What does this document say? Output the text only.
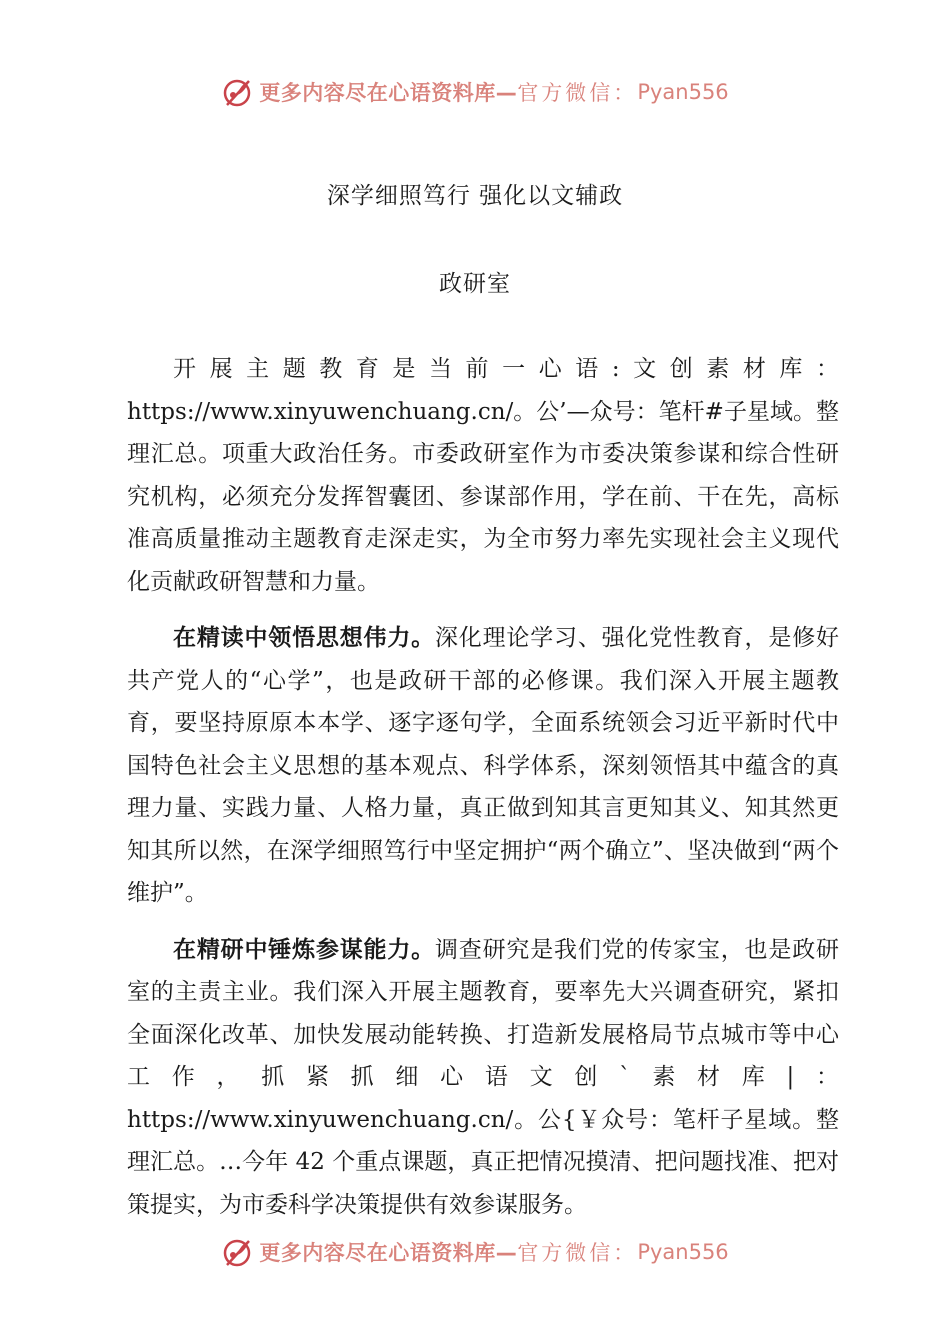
更多内容尽在心语资料库— 官方微信： Pyan556
深学细照笃行 强化以文辅政
政研室

开展主题教育是当前一心语:文创素材库：https://www.xinyuwenchuang.cn/。公’—众号：笔杆#子星域。整理汇总。项重大政治任务。市委政研室作为市委决策参谋和综合性研究机构，必须充分发挥智囊团、参谋部作用，学在前、干在先，高标准高质量推动主题教育走深走实，为全市努力率先实现社会主义现代化贡献政研智慧和力量。

在精读中领悟思想伟力。深化理论学习、强化党性教育，是修好共产党人的“心学”，也是政研干部的必修课。我们深入开展主题教育，要坚持原原本本学、逐字逐句学，全面系统领会习近平新时代中国特色社会主义思想的基本观点、科学体系，深刻领悟其中蕴含的真理力量、实践力量、人格力量，真正做到知其言更知其义、知其然更知其所以然，在深学细照笃行中坚定拥护“两个确立”、坚决做到“两个维护”。

在精研中锤炼参谋能力。调查研究是我们党的传家宝，也是政研室的主责主业。我们深入开展主题教育，要率先大兴调查研究，紧扣全面深化改革、加快发展动能转换、打造新发展格局节点城市等中心工作，抓紧抓细心语文创`素材库|：https://www.xinyuwenchuang.cn/。公{￥众号：笔杆子星域。整理汇总。…今年 42 个重点课题，真正把情况摸清、把问题找准、把对策提实，为市委科学决策提供有效参谋服务。

更多内容尽在心语资料库— 官方微信： Pyan556
